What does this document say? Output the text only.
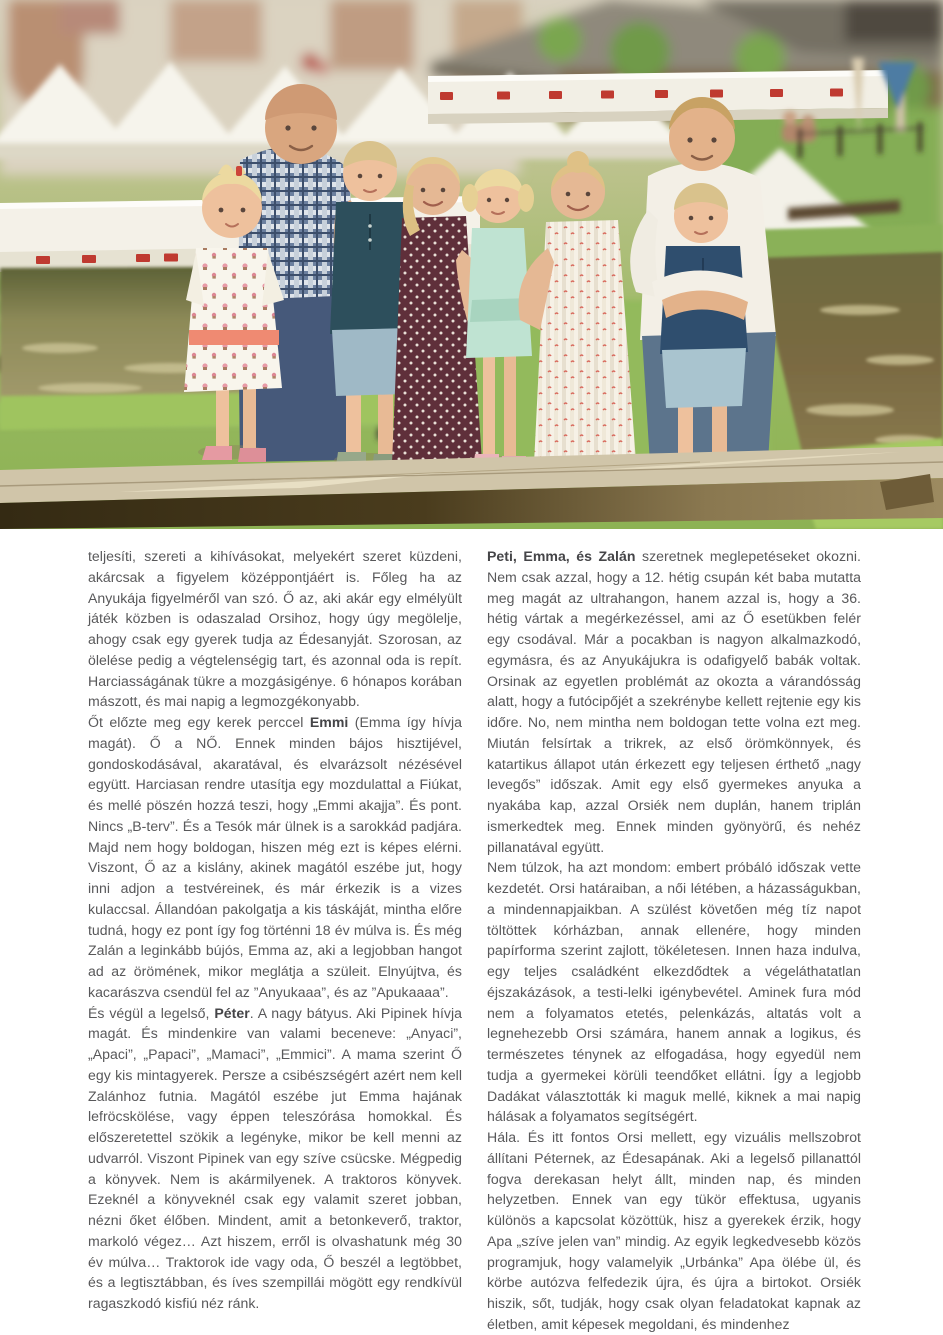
teljesíti, szereti a kihívásokat, melyekért szeret küzdeni, akárcsak a figyelem középpontjáért is. Főleg ha az Anyukája figyelméről van szó. Ő az, aki akár egy elmélyült játék közben is odaszalad Orsihoz, hogy úgy megölelje, ahogy csak egy gyerek tudja az Édesanyját. Szorosan, az ölelése pedig a végtelenségig tart, és azonnal oda is repít. Harciasságának tükre a mozgásigénye. 6 hónapos korában mászott, és mai napig a legmozgékonyabb.

Őt előzte meg egy kerek perccel Emmi (Emma így hívja magát). Ő a NŐ. Ennek minden bájos hisztijével, gondoskodásával, akaratával, és elvarázsolt nézésével együtt. Harciasan rendre utasítja egy mozdulattal a Fiúkat, és mellé pöszén hozzá teszi, hogy „Emmi akajja”. És pont. Nincs „B-terv”. És a Tesók már ülnek is a sarokkád padjára. Majd nem hogy boldogan, hiszen még ezt is képes elérni. Viszont, Ő az a kislány, akinek magától eszébe jut, hogy inni adjon a testvéreinek, és már érkezik is a vizes kulaccsal. Állandóan pakolgatja a kis táskáját, mintha előre tudná, hogy ez pont így fog történni 18 év múlva is. És még Zalán a leginkább bújós, Emma az, aki a legjobban hangot ad az örömének, mikor meglátja a szüleit. Elnyújtva, és kacarászva csendül fel az ”Anyukaaa”, és az ”Apukaaaa”.

És végül a legelső, Péter. A nagy bátyus. Aki Pipinek hívja magát. És mindenkire van valami beceneve: „Anyaci”, „Apaci”, „Papaci”, „Mamaci”, „Emmici”. A mama szerint Ő egy kis mintagyerek. Persze a csibészségért azért nem kell Zalánhoz futnia. Magától eszébe jut Emma hajának lefröcskölése, vagy éppen teleszórása homokkal. És előszeretettel szökik a legényke, mikor be kell menni az udvarról. Viszont Pipinek van egy szíve csücske. Mégpedig a könyvek. Nem is akármilyenek. A traktoros könyvek. Ezeknél a könyveknél csak egy valamit szeret jobban, nézni őket élőben. Mindent, amit a betonkeverő, traktor, markoló végez… Azt hiszem, erről is olvashatunk még 30 év múlva… Traktorok ide vagy oda, Ő beszél a legtöbbet, és a legtisztábban, és íves szempillái mögött egy rendkívül ragaszkodó kisfiú néz ránk.

Peti, Emma, és Zalán szeretnek meglepetéseket okozni. Nem csak azzal, hogy a 12. hétig csupán két baba mutatta meg magát az ultrahangon, hanem azzal is, hogy a 36. hétig vártak a megérkezéssel, ami az Ő esetükben felér egy csodával. Már a pocakban is nagyon alkalmazkodó, egymásra, és az Anyukájukra is odafigyelő babák voltak. Orsinak az egyetlen problémát az okozta a várandósság alatt, hogy a futócipőjét a szekrénybe kellett rejtenie egy kis időre. No, nem mintha nem boldogan tette volna ezt meg. Miután felsírtak a trikrek, az első örömkönnyek, és katartikus állapot után érkezett egy teljesen érthető „nagy levegős” időszak. Amit egy első gyermekes anyuka a nyakába kap, azzal Orsiék nem duplán, hanem triplán ismerkedtek meg. Ennek minden gyönyörű, és nehéz pillanatával együtt.

Nem túlzok, ha azt mondom: embert próbáló időszak vette kezdetét. Orsi határaiban, a női létében, a házasságukban, a mindennapjaikban. A szülést követően még tíz napot töltöttek kórházban, annak ellenére, hogy minden papírforma szerint zajlott, tökéletesen. Innen haza indulva, egy teljes családként elkezdődtek a végeláthatatlan éjszakázások, a testi-lelki igénybevétel. Aminek fura mód nem a folyamatos etetés, pelenkázás, altatás volt a legnehezebb Orsi számára, hanem annak a logikus, és természetes ténynek az elfogadása, hogy egyedül nem tudja a gyermekei körüli teendőket ellátni. Így a legjobb Dadákat választották ki maguk mellé, kiknek a mai napig hálásak a folyamatos segítségért.

Hála. És itt fontos Orsi mellett, egy vizuális mellszobrot állítani Péternek, az Édesapának. Aki a legelső pillanattól fogva derekasan helyt állt, minden nap, és minden helyzetben. Ennek van egy tükör effektusa, ugyanis különös a kapcsolat közöttük, hisz a gyerekek érzik, hogy Apa „szíve jelen van” mindig. Az egyik legkedvesebb közös programjuk, hogy valamelyik „Urbánka” Apa ölébe ül, és körbe autózva felfedezik újra, és újra a birtokot. Orsiék hiszik, sőt, tudják, hogy csak olyan feladatokat kapnak az életben, amit képesek megoldani, és mindenhez
